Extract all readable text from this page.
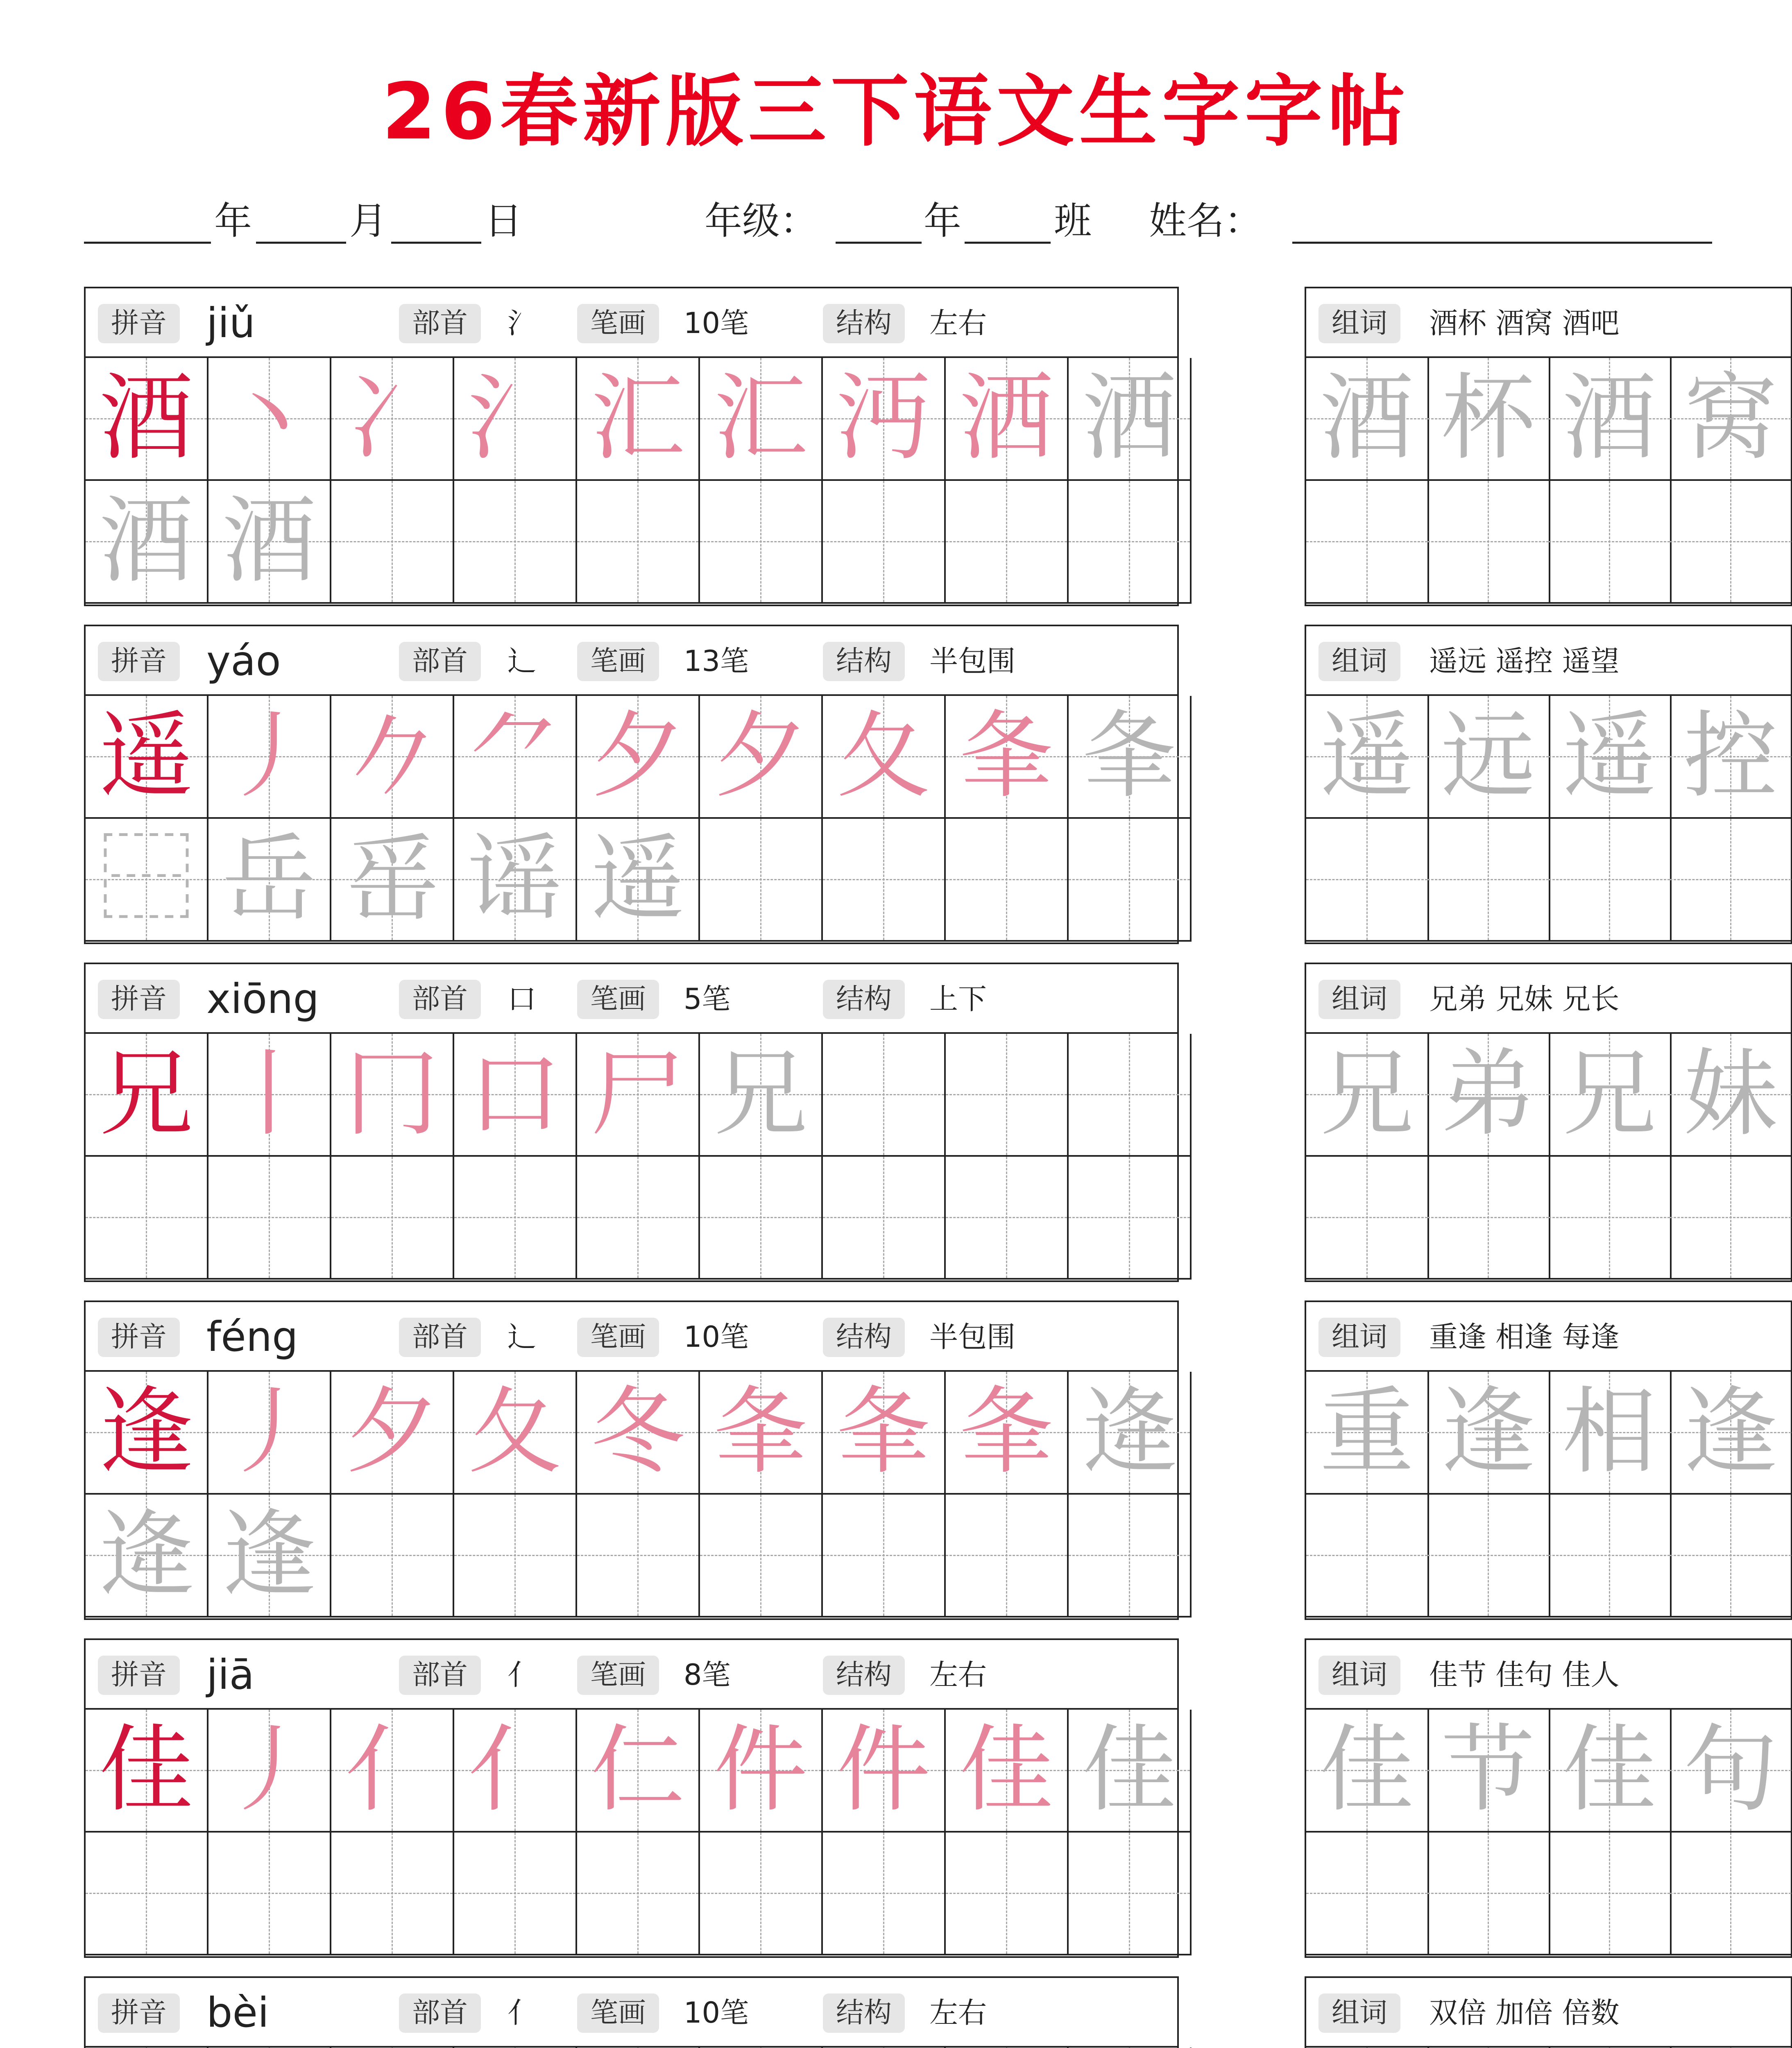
26春新版三下语文生字字帖
年	月	日	年级：	年 班 姓名：
拼音 jiǔ	部首	氵	笔画	10笔	结构	左右
酒 丶 冫 氵 汇 汇 沔 洒 洒
酒 酒
组词	酒杯 酒窝 酒吧
酒 杯 酒 窝
拼音 yáo	部首	辶	笔画	13笔	结构	半包围
遥 丿 𠂊 ⺈ 夕 夕 夂 夆 夆
⿱ 岳 䍃 谣 遥
组词	遥远 遥控 遥望
遥 远 遥 控
拼音 xiōng	部首	口	笔画	5笔	结构	上下
兄 丨 冂 口 尸 兄
组词	兄弟 兄妹 兄长
兄 弟 兄 妹
拼音 féng	部首	辶	笔画	10笔	结构	半包围
逢 丿 夕 夂 冬 夆 夆 夆 逄
逄 逢
组词	重逢 相逢 每逢
重 逢 相 逢
拼音 jiā	部首	亻	笔画	8笔	结构	左右
佳 丿 亻 亻 仁 件 件 佳 佳
组词	佳节 佳句 佳人
佳 节 佳 句
拼音 bèi	部首	亻	笔画	10笔	结构	左右	组词	双倍 加倍 倍数
